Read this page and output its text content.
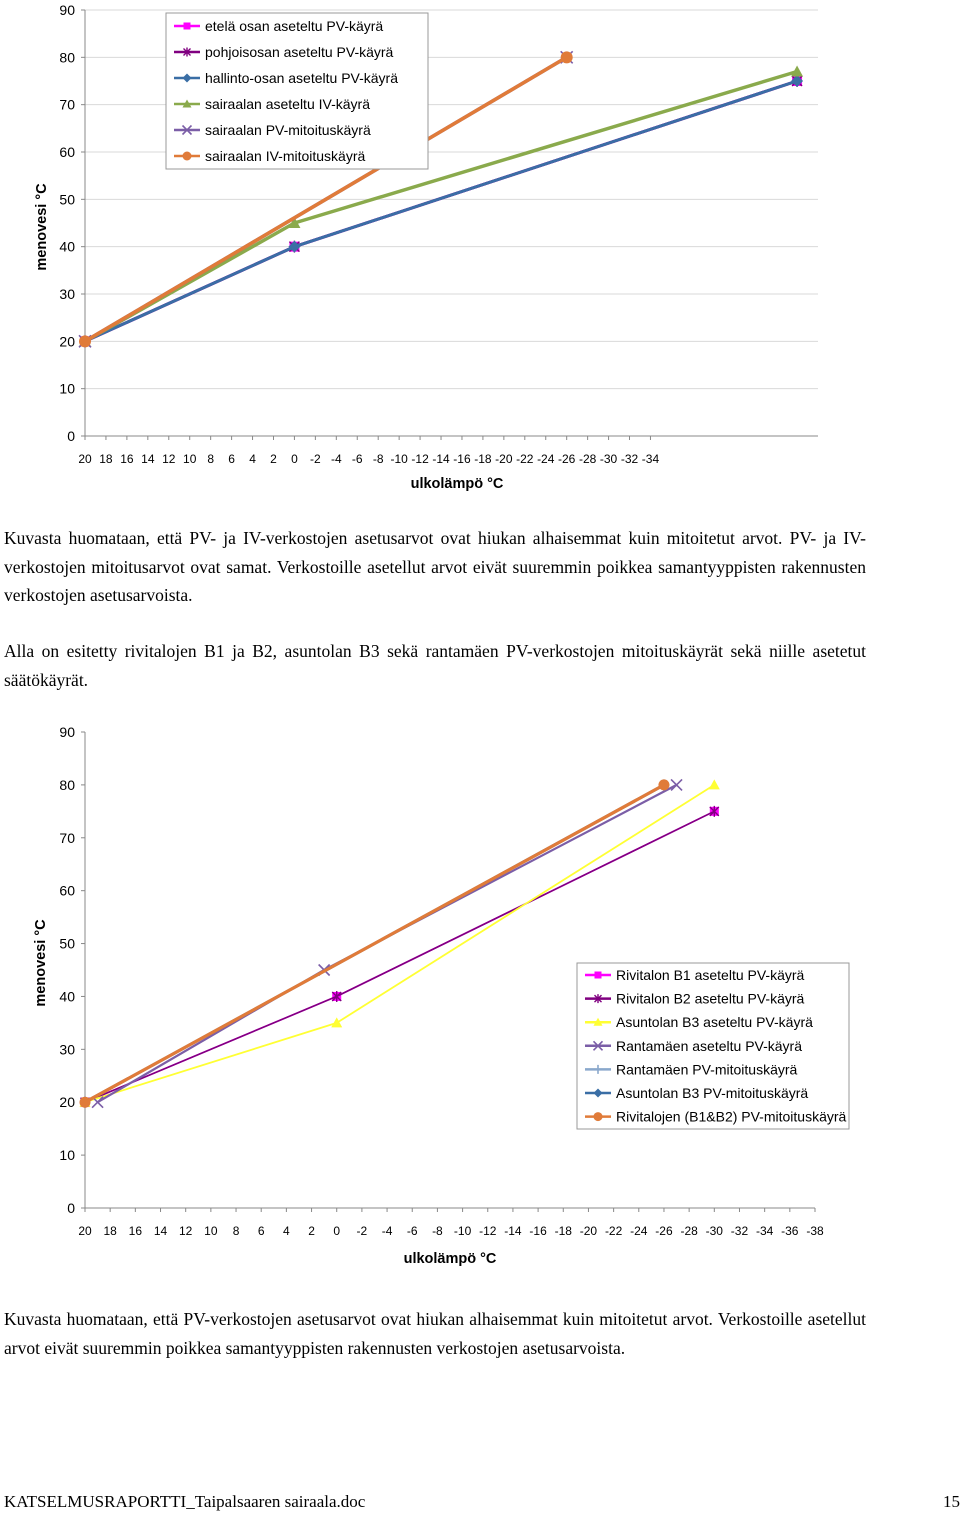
0
10
20
30
40
50
60
70
80
90
20 18 16 14 12 10 8 6 4 2 0 -2 -4 -6 -8 -10 -12 -14 -16 -18 -20 -22 -24 -26 -28 -30 -32 -34
ulkolämpö °C
menovesi °C
etelä osan aseteltu PV-käyrä
pohjoisosan aseteltu PV-käyrä
hallinto-osan aseteltu PV-käyrä
sairaalan aseteltu IV-käyrä
sairaalan PV-mitoituskäyrä
sairaalan IV-mitoituskäyrä
Kuvasta huomataan, että PV- ja IV-verkostojen asetusarvot ovat hiukan alhaisemmat kuin mitoitetut arvot. PV- ja IV-verkostojen mitoitusarvot ovat samat. Verkostoille asetellut arvot eivät suuremmin poikkea samantyyppisten rakennusten verkostojen asetusarvoista.
Alla on esitetty rivitalojen B1 ja B2, asuntolan B3 sekä rantamäen PV-verkostojen mitoituskäyrät sekä niille asetetut säätökäyrät.
0
10
20
30
40
50
60
70
80
90
20 18 16 14 12 10 8 6 4 2 0 -2 -4 -6 -8 -10 -12 -14 -16 -18 -20 -22 -24 -26 -28 -30 -32 -34 -36 -38
ulkolämpö °C
menovesi °C	Rivitalon B1 aseteltu PV-käyrä
Rivitalon B2 aseteltu PV-käyrä
Asuntolan B3 aseteltu PV-käyrä
Rantamäen aseteltu PV-käyrä
Rantamäen PV-mitoituskäyrä
Asuntolan B3 PV-mitoituskäyrä
Rivitalojen (B1&B2) PV-mitoituskäyrä
Kuvasta huomataan, että PV-verkostojen asetusarvot ovat hiukan alhaisemmat kuin mitoitetut arvot. Verkostoille asetellut arvot eivät suuremmin poikkea samantyyppisten rakennusten verkostojen asetusarvoista.
KATSELMUSRAPORTTI_Taipalsaaren sairaala.doc	15
